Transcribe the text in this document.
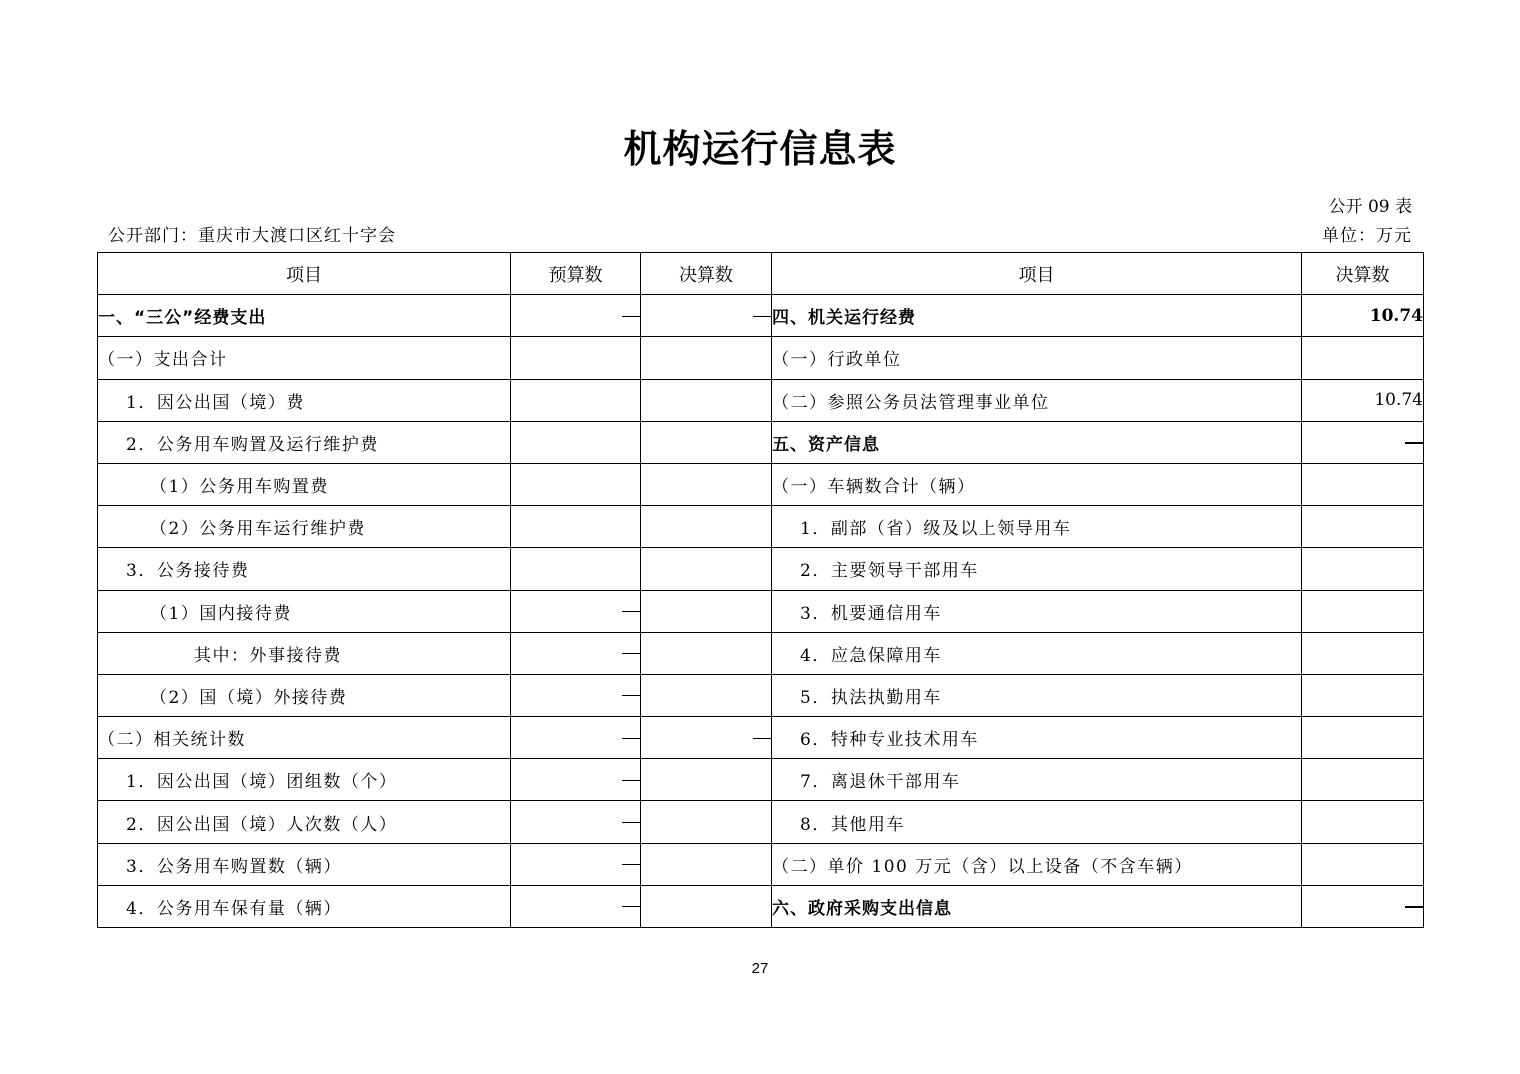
机构运行信息表
公开 09 表
公开部门：重庆市大渡口区红十字会	单位：万元
项目	预算数	决算数	项目	决算数
一、“三公”经费支出			四、机关运行经费	10.74
（一）支出合计			（一）行政单位	
1．因公出国（境）费			（二）参照公务员法管理事业单位	10.74
2．公务用车购置及运行维护费			五、资产信息	
（1）公务用车购置费			（一）车辆数合计（辆）	
（2）公务用车运行维护费			1．副部（省）级及以上领导用车	
3．公务接待费			2．主要领导干部用车	
（1）国内接待费			3．机要通信用车	
其中：外事接待费			4．应急保障用车	
（2）国（境）外接待费			5．执法执勤用车	
（二）相关统计数			6．特种专业技术用车	
1．因公出国（境）团组数（个）			7．离退休干部用车	
2．因公出国（境）人次数（人）			8．其他用车	
3．公务用车购置数（辆）			（二）单价 100 万元（含）以上设备（不含车辆）	
4．公务用车保有量（辆）			六、政府采购支出信息	
27
